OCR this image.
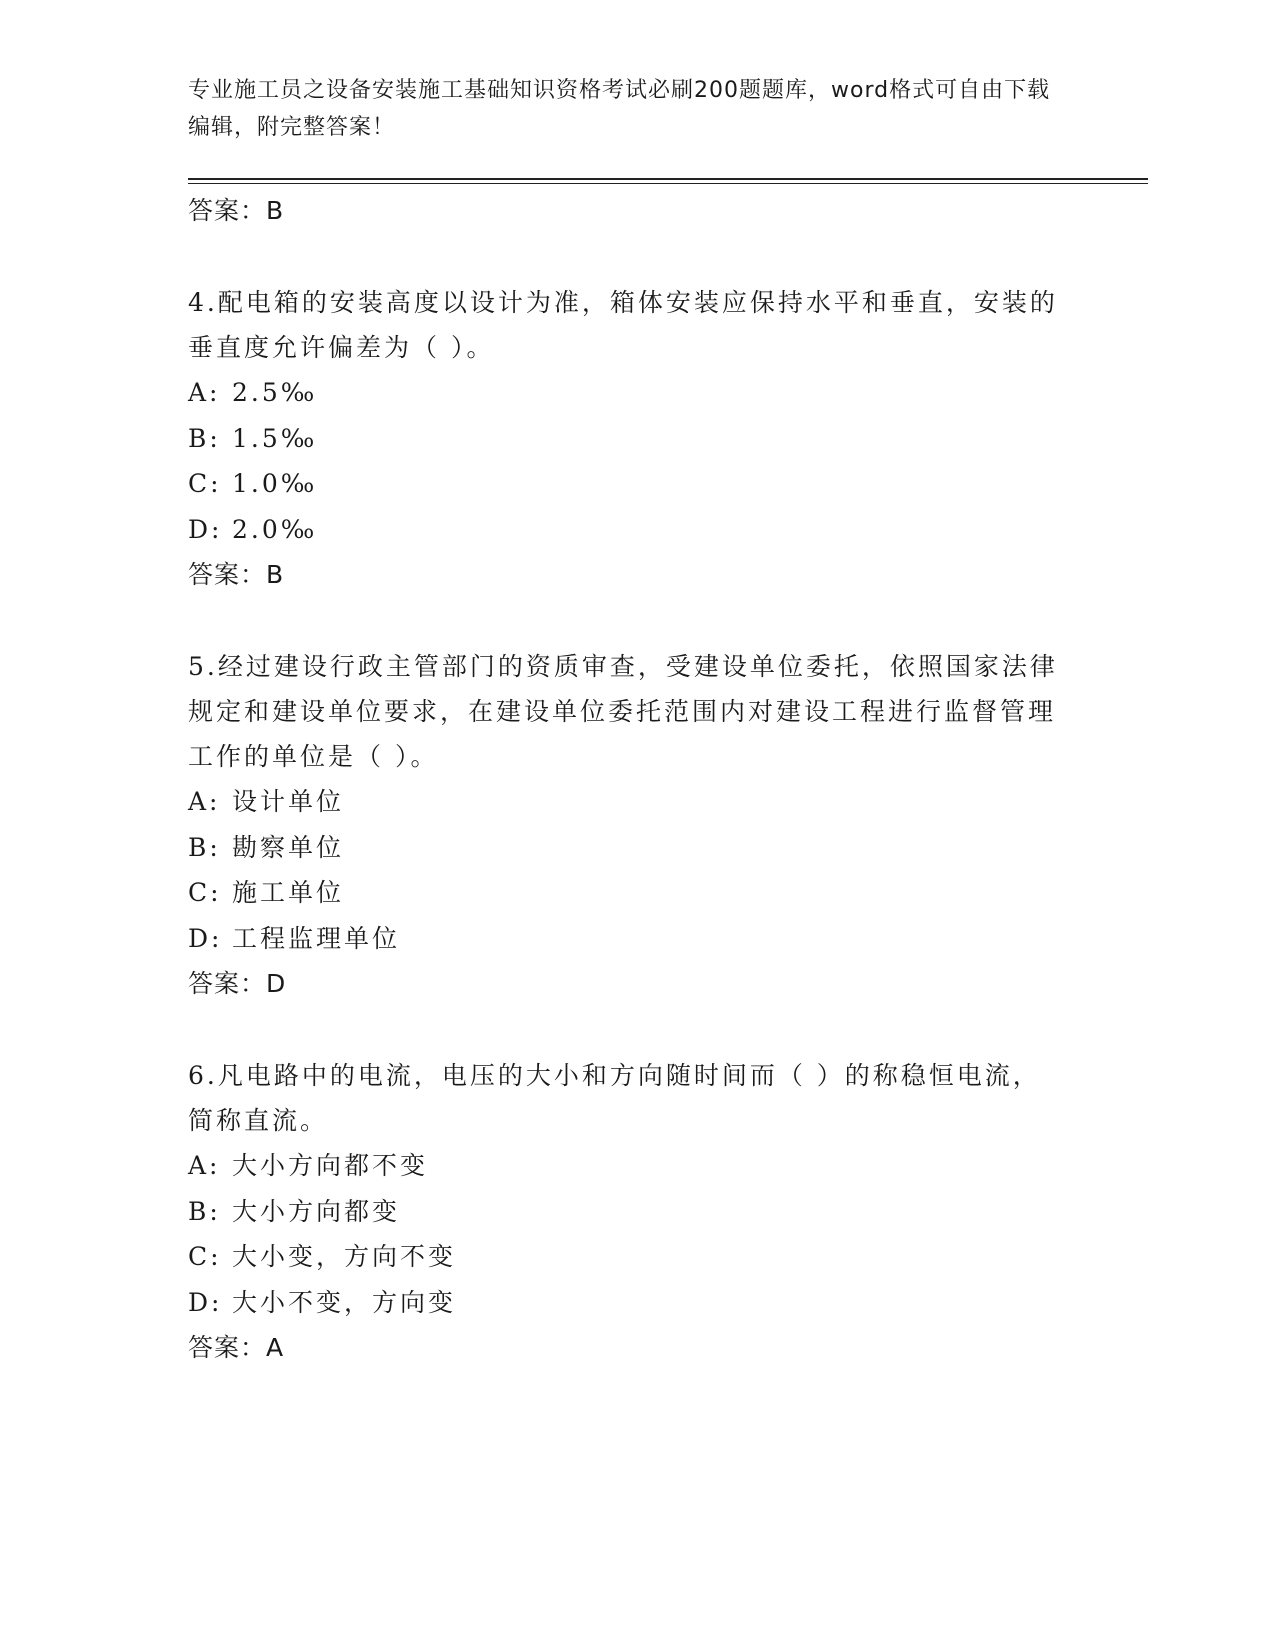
专业施工员之设备安装施工基础知识资格考试必刷200题题库，word格式可自由下载编辑，附完整答案！
答案：B
4.配电箱的安装高度以设计为准，箱体安装应保持水平和垂直，安装的垂直度允许偏差为（ ）。
A: 2.5‰
B: 1.5‰
C: 1.0‰
D: 2.0‰
答案：B
5.经过建设行政主管部门的资质审查，受建设单位委托，依照国家法律规定和建设单位要求，在建设单位委托范围内对建设工程进行监督管理工作的单位是（ ）。
A: 设计单位
B: 勘察单位
C: 施工单位
D: 工程监理单位
答案：D
6.凡电路中的电流，电压的大小和方向随时间而（ ）的称稳恒电流，简称直流。
A: 大小方向都不变
B: 大小方向都变
C: 大小变，方向不变
D: 大小不变，方向变
答案：A
